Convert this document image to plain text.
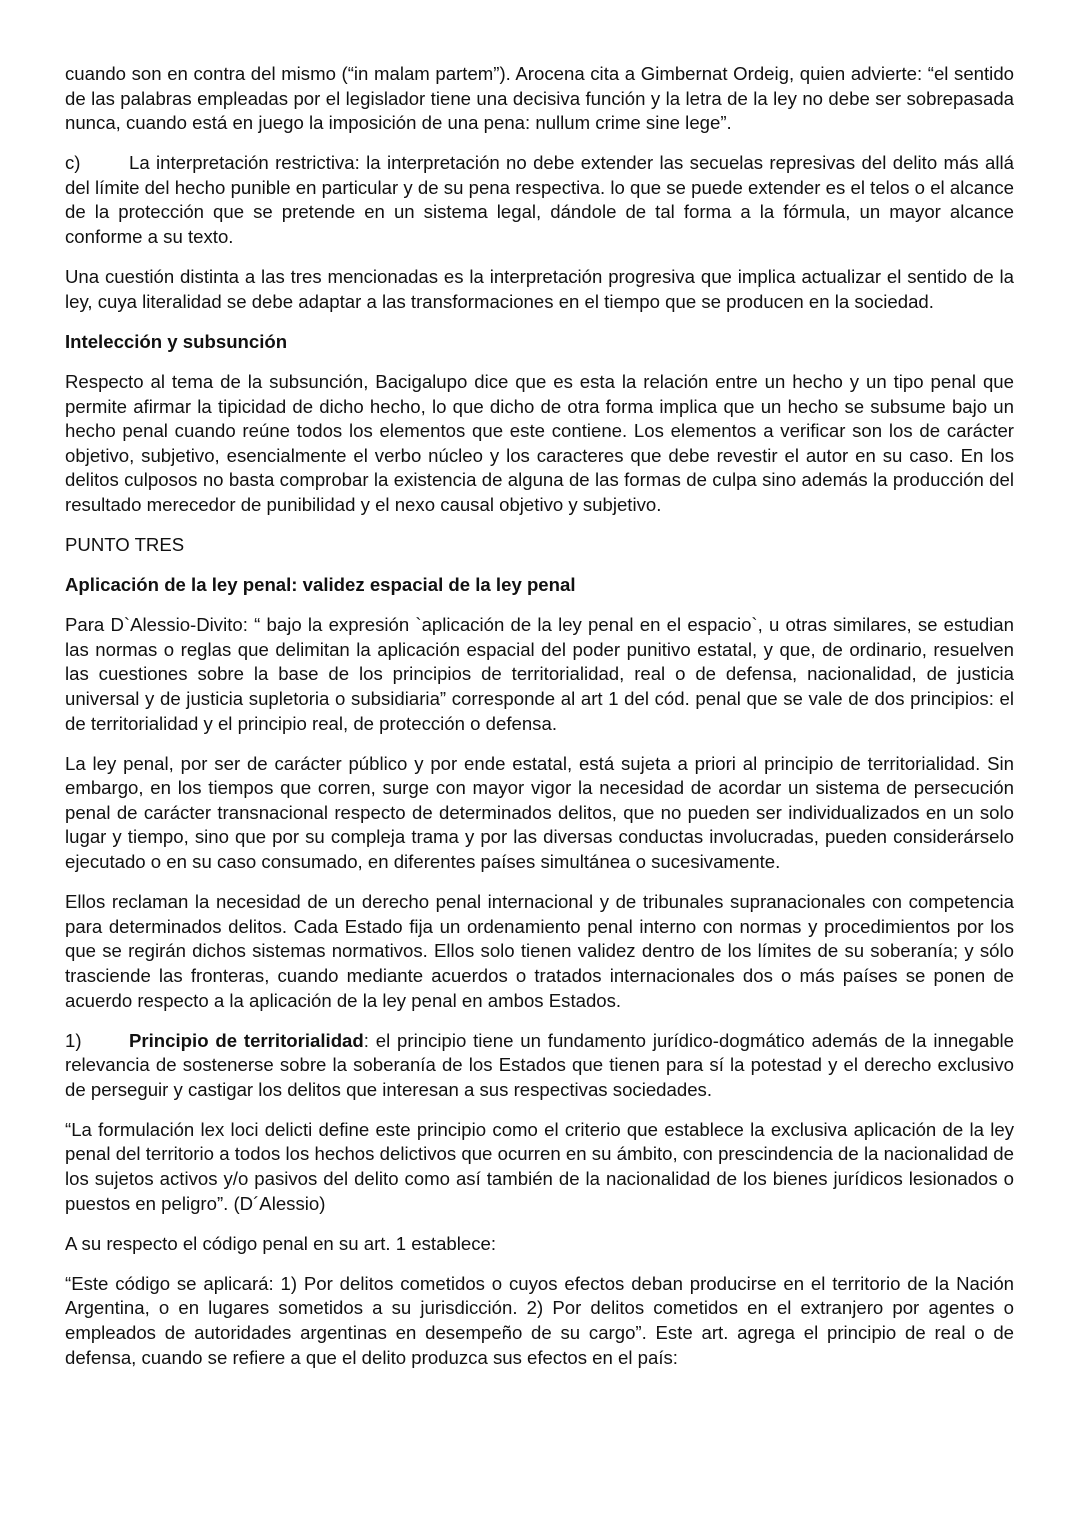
cuando son en contra del mismo (“in malam partem”). Arocena cita a Gimbernat Ordeig, quien advierte: “el sentido de las palabras empleadas por el legislador tiene una decisiva función y la letra de la ley no debe ser sobrepasada nunca, cuando está en juego la imposición de una pena: nullum crime sine lege”.

c)	La interpretación restrictiva: la interpretación no debe extender las secuelas represivas del delito más allá del límite del hecho punible en particular y de su pena respectiva. lo que se puede extender es el telos o el alcance de la protección que se pretende en un sistema legal, dándole de tal forma a la fórmula, un mayor alcance conforme a su texto.

Una cuestión distinta a las tres mencionadas es la interpretación progresiva que implica actualizar el sentido de la ley, cuya literalidad se debe adaptar a las transformaciones en el tiempo que se producen en la sociedad.

Intelección y subsunción

Respecto al tema de la subsunción, Bacigalupo dice que es esta la relación entre un hecho y un tipo penal que permite afirmar la tipicidad de dicho hecho, lo que dicho de otra forma implica que un hecho se subsume bajo un hecho penal cuando reúne todos los elementos que este contiene. Los elementos a verificar son los de carácter objetivo, subjetivo, esencialmente el verbo núcleo y los caracteres que debe revestir el autor en su caso. En los delitos culposos no basta comprobar la existencia de alguna de las formas de culpa sino además la producción del resultado merecedor de punibilidad y el nexo causal objetivo y subjetivo.

PUNTO TRES

Aplicación de la ley penal: validez espacial de la ley penal

Para D`Alessio-Divito: “ bajo la expresión `aplicación de la ley penal en el espacio`, u otras similares, se estudian las normas o reglas que delimitan la aplicación espacial del poder punitivo estatal, y que, de ordinario, resuelven las cuestiones sobre la base de los principios de territorialidad, real o de defensa, nacionalidad, de justicia universal y de justicia supletoria o subsidiaria” corresponde al art 1 del cód. penal que se vale de dos principios: el de territorialidad y el principio real, de protección o defensa.

La ley penal, por ser de carácter público y por ende estatal, está sujeta a priori al principio de territorialidad. Sin embargo, en los tiempos que corren, surge con mayor vigor la necesidad de acordar un sistema de persecución penal de carácter transnacional respecto de determinados delitos, que no pueden ser individualizados en un solo lugar y tiempo, sino que por su compleja trama y por las diversas conductas involucradas, pueden considerárselo ejecutado o en su caso consumado, en diferentes países simultánea o sucesivamente.

Ellos reclaman la necesidad de un derecho penal internacional y de tribunales supranacionales con competencia para determinados delitos. Cada Estado fija un ordenamiento penal interno con normas y procedimientos por los que se regirán dichos sistemas normativos. Ellos solo tienen validez dentro de los límites de su soberanía; y sólo trasciende las fronteras, cuando mediante acuerdos o tratados internacionales dos o más países se ponen de acuerdo respecto a la aplicación de la ley penal en ambos Estados.

1)	Principio de territorialidad: el principio tiene un fundamento jurídico-dogmático además de la innegable relevancia de sostenerse sobre la soberanía de los Estados que tienen para sí la potestad y el derecho exclusivo de perseguir y castigar los delitos que interesan a sus respectivas sociedades.

“La formulación lex loci delicti define este principio como el criterio que establece la exclusiva aplicación de la ley penal del territorio a todos los hechos delictivos que ocurren en su ámbito, con prescindencia de la nacionalidad de los sujetos activos y/o pasivos del delito como así también de la nacionalidad de los bienes jurídicos lesionados o puestos en peligro”. (D´Alessio)

A su respecto el código penal en su art. 1 establece:

“Este código se aplicará: 1) Por delitos cometidos o cuyos efectos deban producirse en el territorio de la Nación Argentina, o en lugares sometidos a su jurisdicción. 2) Por delitos cometidos en el extranjero por agentes o empleados de autoridades argentinas en desempeño de su cargo”. Este art. agrega el principio de real o de defensa, cuando se refiere a que el delito produzca sus efectos en el país:
